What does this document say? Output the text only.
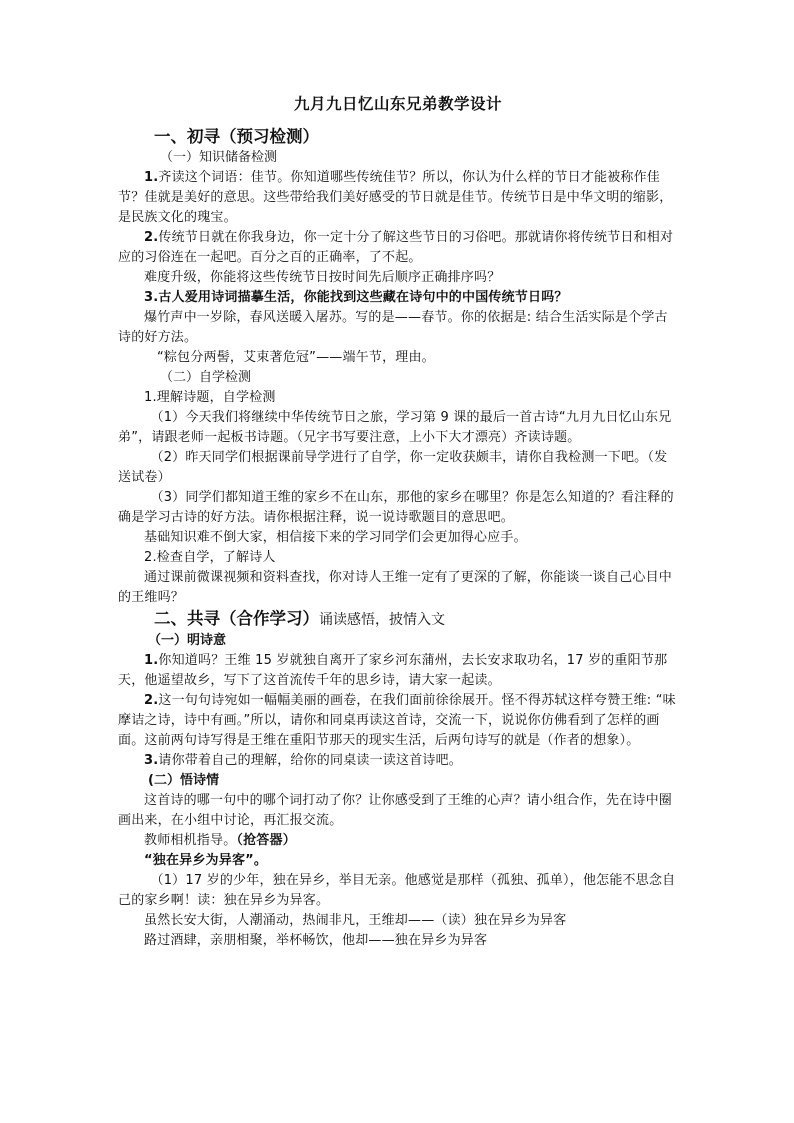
九月九日忆山东兄弟教学设计
一、初寻（预习检测）
（一）知识储备检测

1.齐读这个词语：佳节。你知道哪些传统佳节？所以，你认为什么样的节日才能被称作佳节？佳就是美好的意思。这些带给我们美好感受的节日就是佳节。传统节日是中华文明的缩影，是民族文化的瑰宝。

2.传统节日就在你我身边，你一定十分了解这些节日的习俗吧。那就请你将传统节日和相对应的习俗连在一起吧。百分之百的正确率，了不起。

难度升级，你能将这些传统节日按时间先后顺序正确排序吗？

3.古人爱用诗词描摹生活，你能找到这些藏在诗句中的中国传统节日吗？

爆竹声中一岁除，春风送暖入屠苏。写的是——春节。你的依据是: 结合生活实际是个学古诗的好方法。

“粽包分两髻，艾束著危冠”——端午节，理由。

（二）自学检测

1.理解诗题，自学检测

（1）今天我们将继续中华传统节日之旅，学习第 9 课的最后一首古诗“九月九日忆山东兄弟”，请跟老师一起板书诗题。（兄字书写要注意，上小下大才漂亮）齐读诗题。

（2）昨天同学们根据课前导学进行了自学，你一定收获颇丰，请你自我检测一下吧。（发送试卷）

（3）同学们都知道王维的家乡不在山东，那他的家乡在哪里？你是怎么知道的？看注释的确是学习古诗的好方法。请你根据注释，说一说诗歌题目的意思吧。

基础知识难不倒大家，相信接下来的学习同学们会更加得心应手。

2.检查自学，了解诗人

通过课前微课视频和资料查找，你对诗人王维一定有了更深的了解，你能谈一谈自己心目中的王维吗？

二、共寻（合作学习）诵读感悟，披情入文
（一）明诗意

1.你知道吗？王维 15 岁就独自离开了家乡河东蒲州，去长安求取功名，17 岁的重阳节那天，他遥望故乡，写下了这首流传千年的思乡诗，请大家一起读。

2.这一句句诗宛如一幅幅美丽的画卷，在我们面前徐徐展开。怪不得苏轼这样夸赞王维: “味摩诘之诗，诗中有画。”所以，请你和同桌再读这首诗，交流一下，说说你仿佛看到了怎样的画面。这前两句诗写得是王维在重阳节那天的现实生活，后两句诗写的就是（作者的想象）。

3.请你带着自己的理解，给你的同桌读一读这首诗吧。

(二）悟诗情

这首诗的哪一句中的哪个词打动了你？让你感受到了王维的心声？请小组合作，先在诗中圈画出来，在小组中讨论，再汇报交流。

教师相机指导。（抢答器）

“独在异乡为异客”。

（1）17 岁的少年，独在异乡，举目无亲。他感觉是那样（孤独、孤单），他怎能不思念自己的家乡啊！读：独在异乡为异客。

虽然长安大街，人潮涌动，热闹非凡，王维却——（读）独在异乡为异客

路过酒肆，亲朋相聚，举杯畅饮，他却——独在异乡为异客
